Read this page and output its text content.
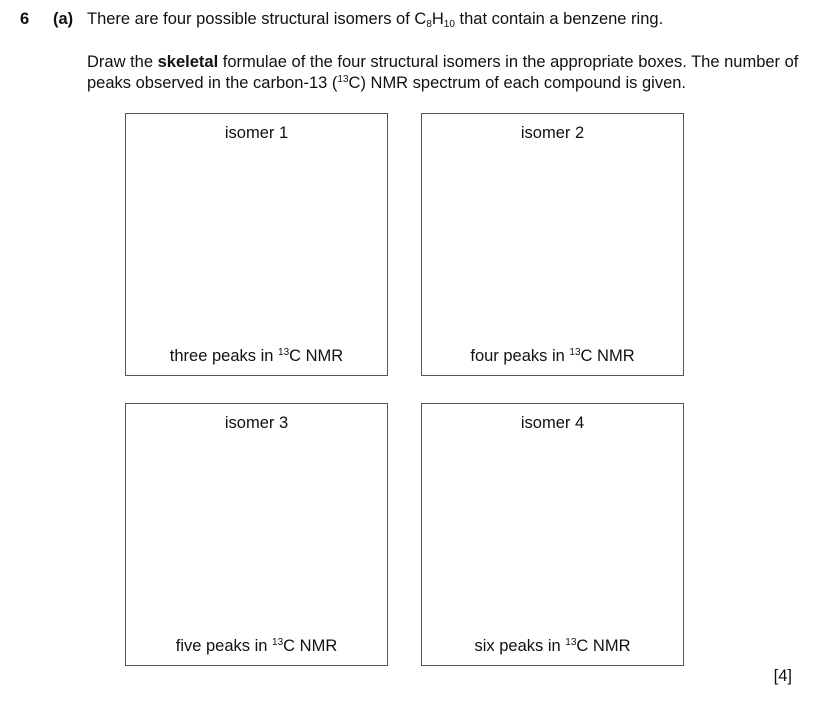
6 (a) There are four possible structural isomers of $C_8H_{10}$ that contain a benzene ring.
Draw the skeletal formulae of the four structural isomers in the appropriate boxes. The number of peaks observed in the carbon-13 ($^{13}$C) NMR spectrum of each compound is given.
isomer 1
three peaks in $^{13}$C NMR
isomer 2
four peaks in $^{13}$C NMR
isomer 3
five peaks in $^{13}$C NMR
isomer 4
six peaks in $^{13}$C NMR
[4]
